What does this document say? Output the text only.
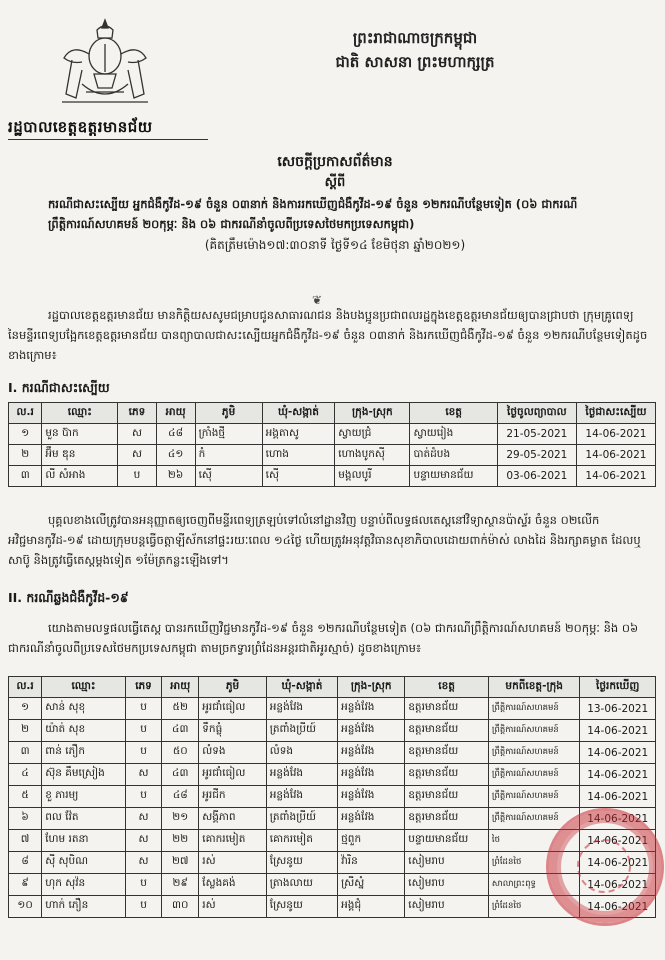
ព្រះរាជាណាចក្រកម្ពុជា
ជាតិ សាសនា ព្រះមហាក្សត្រ
រដ្ឋបាលខេត្តឧត្តរមានជ័យ
សេចក្តីប្រកាសព័ត៌មាន
ស្តីពី
ករណីជាសះស្បើយ អ្នកជំងឺកូវីដ-១៩ ចំនួន ០៣នាក់ និងការរកឃើញជំងឺកូវីដ-១៩ ចំនួន ១២ករណីបន្ថែមទៀត (០៦ ជាករណីព្រឹត្តិការណ៍សហគមន៍ ២០កុម្ភៈ និង ០៦ ជាករណីនាំចូលពីប្រទេសថៃមកប្រទេសកម្ពុជា)
(គិតត្រឹមម៉ោង១៧:៣០នាទី ថ្ងៃទី១៤ ខែមិថុនា ឆ្នាំ២០២១)
❦
រដ្ឋបាលខេត្តឧត្តរមានជ័យ មានកិត្តិយសសូមជម្រាបជូនសាធារណជន និងបងប្អូនប្រជាពលរដ្ឋក្នុងខេត្តឧត្តរមានជ័យឲ្យបានជ្រាបថា ក្រុមគ្រូពេទ្យ នៃមន្ទីរពេទ្យបង្អែកខេត្តឧត្តរមានជ័យ បានព្យាបាលជាសះស្បើយអ្នកជំងឺកូវីដ-១៩ ចំនួន ០៣នាក់ និងរកឃើញជំងឺកូវីដ-១៩ ចំនួន ១២ករណីបន្ថែមទៀតដូចខាងក្រោម៖
I. ករណីជាសះស្បើយ
ល.រ	ឈ្មោះ	ភេទ	អាយុ	ភូមិ	ឃុំ-សង្កាត់	ក្រុង-ស្រុក	ខេត្ត	ថ្ងៃចូលព្យាបាល	ថ្ងៃជាសះស្បើយ
១	មួន ប៊ាក	ស	៤៨	ក្រាំងថ្មី	អង្គតាសូ	ស្វាយជ្រំ	ស្វាយរៀង	21-05-2021	14-06-2021
២	អ៊ឹម ឌុន	ស	៤១	កំ	ហោង	ហោងបូកស៊ី	បាត់ដំបង	29-05-2021	14-06-2021
៣	លី សំអាង	ប	២៦	ស៊ើ	ស៊ើ	មង្គលបូរី	បន្ទាយមានជ័យ	03-06-2021	14-06-2021
បុគ្គលខាងលើត្រូវបានអនុញ្ញាតឲ្យចេញពីមន្ទីរពេទ្យត្រឡប់ទៅលំនៅដ្ឋានវិញ បន្ទាប់ពីលទ្ធផលតេស្តនៅវិទ្យាស្ថានប៉ាស្ទ័រ ចំនួន ០២លើក អវិជ្ជមានកូវីដ-១៩ ដោយក្រុមបន្តធ្វើចត្តាឡីស័កនៅផ្ទះរយៈពេល ១៤ថ្ងៃ ហើយត្រូវអនុវត្តវិធានសុខាភិបាលដោយពាក់ម៉ាស់ លាងដៃ និងរក្សាគម្លាត ដែលឬសាប៊ូ និងត្រូវធ្វើតេស្តម្តងទៀត ១ម៉ែត្រកន្លះឡើងទៅ។
II. ករណីឆ្លងជំងឺកូវីដ-១៩
យោងតាមលទ្ធផលធ្វើតេស្ត បានរកឃើញវិជ្ជមានកូវីដ-១៩ ចំនួន ១២ករណីបន្ថែមទៀត (០៦ ជាករណីព្រឹត្តិការណ៍សហគមន៍ ២០កុម្ភៈ និង ០៦ ជាករណីនាំចូលពីប្រទេសថៃមកប្រទេសកម្ពុជា តាមច្រកទ្វារព្រំដែនអន្តរជាតិអូរស្មាច់) ដូចខាងក្រោម៖
ល.រ	ឈ្មោះ	ភេទ	អាយុ	ភូមិ	ឃុំ-សង្កាត់	ក្រុង-ស្រុក	ខេត្ត	មកពីខេត្ត-ក្រុង	ថ្ងៃរកឃើញ
១	សាន់ សុខុ	ប	៥២	អូរជាំធៀល	អន្លង់វែង	អន្លង់វែង	ឧត្តរមានជ័យ	ព្រឹត្តិការណ៍សហគមន៍	13-06-2021
២	យ៉ាត់ សុខ	ប	៤៣	ទឹកធ្លុំ	ត្រពាំងប្រីយ៍	អន្លង់វែង	ឧត្តរមានជ័យ	ព្រឹត្តិការណ៍សហគមន៍	14-06-2021
៣	ពាន់ ភឿក	ប	៥០	លំទង	លំទង	អន្លង់វែង	ឧត្តរមានជ័យ	ព្រឹត្តិការណ៍សហគមន៍	14-06-2021
៤	ស៊ុន គឹមស្រៀង	ស	៤៣	អូរជាំធៀល	អន្លង់វែង	អន្លង់វែង	ឧត្តរមានជ័យ	ព្រឹត្តិការណ៍សហគមន៍	14-06-2021
៥	ខួ ភារម្យ	ប	៤៨	អូរជីក	អន្លង់វែង	អន្លង់វែង	ឧត្តរមានជ័យ	ព្រឹត្តិការណ៍សហគមន៍	14-06-2021
៦	ពល វ៉ែត	ស	២១	សង្គីភាព	ត្រពាំងប្រីយ៍	អន្លង់វែង	ឧត្តរមានជ័យ	ព្រឹត្តិការណ៍សហគមន៍	14-06-2021
៧	ហែម រតនា	ស	២២	គោករមៀត	គោករមៀត	ថ្មពួក	បន្ទាយមានជ័យ	ថៃ	14-06-2021
៨	ស៊ី សុបិណ	ស	២៧	រស់	ស្រែនូយ	វ៉ារិន	សៀមរាប	ព្រំដែនថៃ	14-06-2021
៩	ហុក សុវ៉ន	ប	២៩	ស្លែងគង់	ត្រាងលាយ	ស្រីស្នំ	សៀមរាប	សាលាព្រះពុទ្ធ	14-06-2021
១០	ហាក់ ភឿន	ប	៣០	រស់	ស្រែនូយ	អង្គជុំ	សៀមរាប	ព្រំដែនថៃ	14-06-2021
